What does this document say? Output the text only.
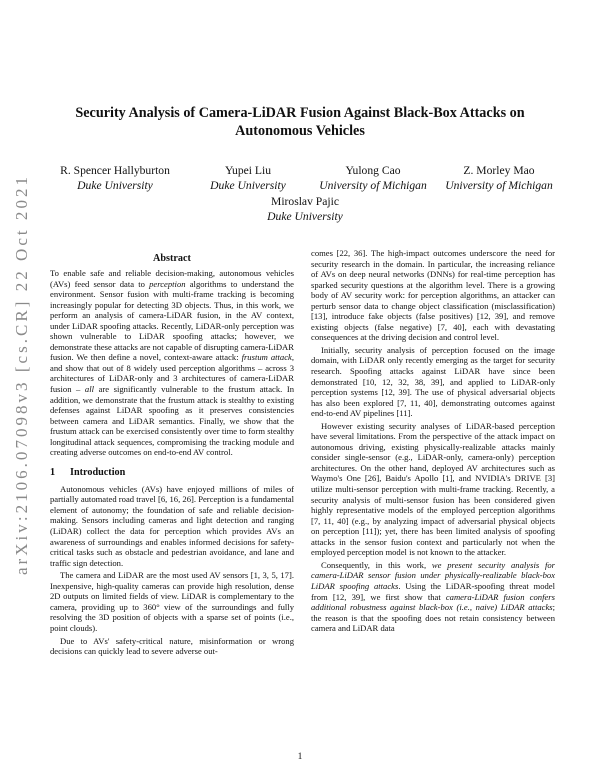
arXiv:2106.07098v3 [cs.CR] 22 Oct 2021
Security Analysis of Camera-LiDAR Fusion Against Black-Box Attacks on
Autonomous Vehicles
R. Spencer Hallyburton
Duke University
Yupei Liu
Duke University
Yulong Cao
University of Michigan
Z. Morley Mao
University of Michigan
Miroslav Pajic
Duke University
Abstract

To enable safe and reliable decision-making, autonomous vehicles (AVs) feed sensor data to perception algorithms to understand the environment. Sensor fusion with multi-frame tracking is becoming increasingly popular for detecting 3D objects. Thus, in this work, we perform an analysis of camera-LiDAR fusion, in the AV context, under LiDAR spoofing attacks. Recently, LiDAR-only perception was shown vulnerable to LiDAR spoofing attacks; however, we demonstrate these attacks are not capable of disrupting camera-LiDAR fusion. We then define a novel, context-aware attack: frustum attack, and show that out of 8 widely used perception algorithms – across 3 architectures of LiDAR-only and 3 architectures of camera-LiDAR fusion – all are significantly vulnerable to the frustum attack. In addition, we demonstrate that the frustum attack is stealthy to existing defenses against LiDAR spoofing as it preserves consistencies between camera and LiDAR semantics. Finally, we show that the frustum attack can be exercised consistently over time to form stealthy longitudinal attack sequences, compromising the tracking module and creating adverse outcomes on end-to-end AV control.

1 Introduction

Autonomous vehicles (AVs) have enjoyed millions of miles of partially automated road travel [6, 16, 26]. Perception is a fundamental element of autonomy; the foundation of safe and reliable decision-making. Sensors including cameras and light detection and ranging (LiDAR) collect the data for perception which provides AVs an awareness of surroundings and enables informed decisions for safety-critical tasks such as obstacle and pedestrian avoidance, and lane and traffic sign detection.

The camera and LiDAR are the most used AV sensors [1, 3, 5, 17]. Inexpensive, high-quality cameras can provide high resolution, dense 2D outputs on limited fields of view. LiDAR is complementary to the camera, providing up to 360° view of the surroundings and fully resolving the 3D position of objects with a sparse set of points (i.e., point clouds).

Due to AVs' safety-critical nature, misinformation or wrong decisions can quickly lead to severe adverse out-

comes [22, 36]. The high-impact outcomes underscore the need for security research in the domain. In particular, the increasing reliance of AVs on deep neural networks (DNNs) for real-time perception has sparked security questions at the algorithm level. There is a growing body of AV security work: for perception algorithms, an attacker can perturb sensor data to change object classification (misclassification) [13], introduce fake objects (false positives) [12, 39], and remove existing objects (false negative) [7, 40], each with devastating consequences at the driving decision and control level.

Initially, security analysis of perception focused on the image domain, with LiDAR only recently emerging as the target for security research. Spoofing attacks against LiDAR have since been demonstrated [10, 12, 32, 38, 39], and applied to LiDAR-only perception systems [12, 39]. The use of physical adversarial objects has also been explored [7, 11, 40], demonstrating outcomes against end-to-end AV pipelines [11].

However existing security analyses of LiDAR-based perception have several limitations. From the perspective of the attack impact on autonomous driving, existing physically-realizable attacks mainly consider single-sensor (e.g., LiDAR-only, camera-only) perception architectures. On the other hand, deployed AV architectures such as Waymo's One [26], Baidu's Apollo [1], and NVIDIA's DRIVE [3] utilize multi-sensor perception with multi-frame tracking. Recently, a security analysis of multi-sensor fusion has been considered given highly representative models of the employed perception algorithms [7, 11, 40] (e.g., by analyzing impact of adversarial physical objects on perception [11]); yet, there has been limited analysis of spoofing attacks in the sensor fusion context and particularly not when the employed perception model is not known to the attacker.

Consequently, in this work, we present security analysis for camera-LiDAR sensor fusion under physically-realizable black-box LiDAR spoofing attacks. Using the LiDAR-spoofing threat model from [12, 39], we first show that camera-LiDAR fusion confers additional robustness against black-box (i.e., naive) LiDAR attacks; the reason is that the spoofing does not retain consistency between camera and LiDAR data

1
